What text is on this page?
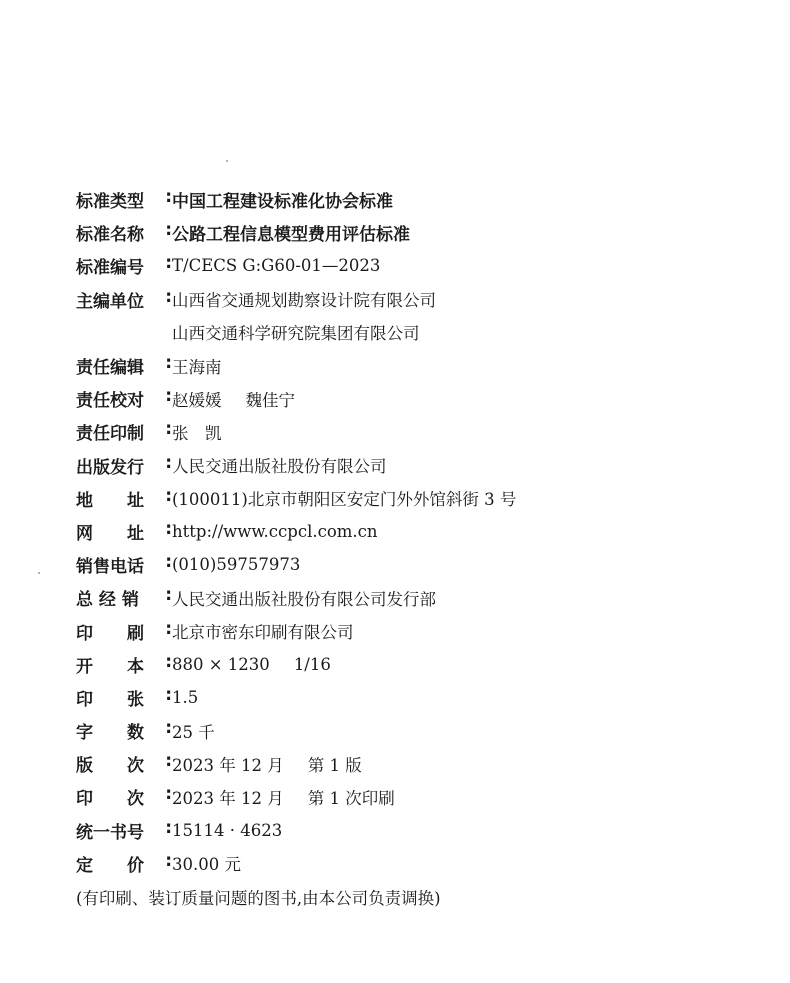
标准类型 : 中国工程建设标准化协会标准
标准名称 : 公路工程信息模型费用评估标准
标准编号 : T/CECS G:G60-01—2023
主编单位 : 山西省交通规划勘察设计院有限公司
山西交通科学研究院集团有限公司
责任编辑 : 王海南
责任校对 : 赵媛媛 魏佳宁
责任印制 : 张　凯
出版发行 : 人民交通出版社股份有限公司
地　　址 : (100011)北京市朝阳区安定门外外馆斜街 3 号
网　　址 : http://www.ccpcl.com.cn
销售电话 : (010)59757973
总 经 销 : 人民交通出版社股份有限公司发行部
印　　刷 : 北京市密东印刷有限公司
开　　本 : 880 × 1230 1/16
印　　张 : 1.5
字　　数 : 25 千
版　　次 : 2023 年 12 月 第 1 版
印　　次 : 2023 年 12 月 第 1 次印刷
统一书号 : 15114 · 4623
定　　价 : 30.00 元
(有印刷、装订质量问题的图书,由本公司负责调换)
